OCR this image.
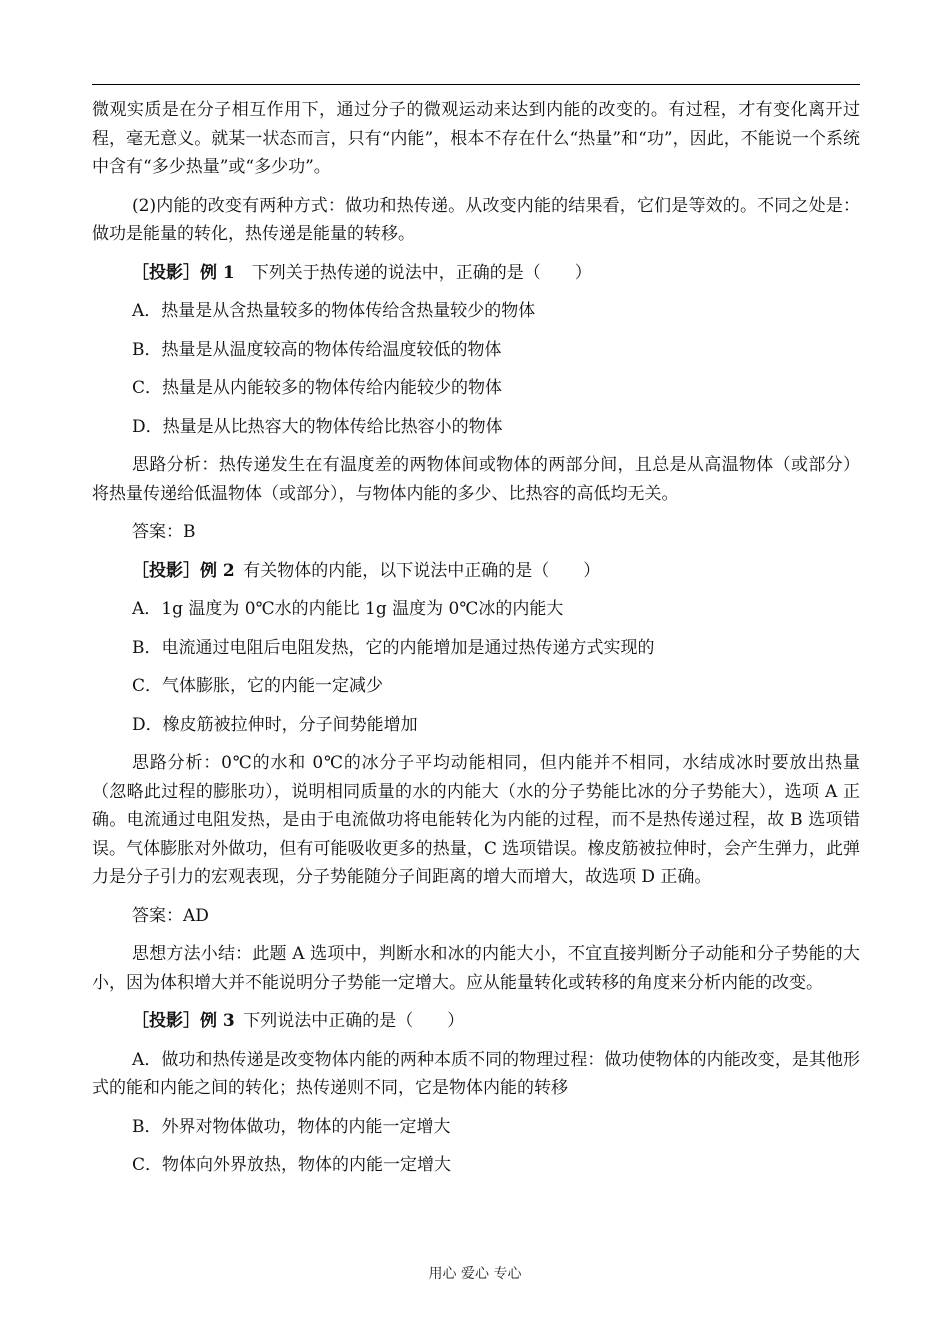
微观实质是在分子相互作用下，通过分子的微观运动来达到内能的改变的。有过程，才有变化离开过程，毫无意义。就某一状态而言，只有“内能”，根本不存在什么“热量”和“功”，因此，不能说一个系统中含有“多少热量”或“多少功”。

(2)内能的改变有两种方式：做功和热传递。从改变内能的结果看，它们是等效的。不同之处是：做功是能量的转化，热传递是能量的转移。

［投影］例 1  下列关于热传递的说法中，正确的是（　　）

A．热量是从含热量较多的物体传给含热量较少的物体

B．热量是从温度较高的物体传给温度较低的物体

C．热量是从内能较多的物体传给内能较少的物体

D．热量是从比热容大的物体传给比热容小的物体

思路分析：热传递发生在有温度差的两物体间或物体的两部分间，且总是从高温物体（或部分）将热量传递给低温物体（或部分），与物体内能的多少、比热容的高低均无关。

答案：B

［投影］例 2  有关物体的内能，以下说法中正确的是（　　）

A．1g 温度为 0℃水的内能比 1g 温度为 0℃冰的内能大

B．电流通过电阻后电阻发热，它的内能增加是通过热传递方式实现的

C．气体膨胀，它的内能一定减少

D．橡皮筋被拉伸时，分子间势能增加

思路分析：0℃的水和 0℃的冰分子平均动能相同，但内能并不相同，水结成冰时要放出热量（忽略此过程的膨胀功），说明相同质量的水的内能大（水的分子势能比冰的分子势能大），选项 A 正确。电流通过电阻发热，是由于电流做功将电能转化为内能的过程，而不是热传递过程，故 B 选项错误。气体膨胀对外做功，但有可能吸收更多的热量，C 选项错误。橡皮筋被拉伸时，会产生弹力，此弹力是分子引力的宏观表现，分子势能随分子间距离的增大而增大，故选项 D 正确。

答案：AD

思想方法小结：此题 A 选项中，判断水和冰的内能大小，不宜直接判断分子动能和分子势能的大小，因为体积增大并不能说明分子势能一定增大。应从能量转化或转移的角度来分析内能的改变。

［投影］例 3  下列说法中正确的是（　　）

A．做功和热传递是改变物体内能的两种本质不同的物理过程：做功使物体的内能改变，是其他形式的能和内能之间的转化；热传递则不同，它是物体内能的转移

B．外界对物体做功，物体的内能一定增大

C．物体向外界放热，物体的内能一定增大

用心 爱心 专心
